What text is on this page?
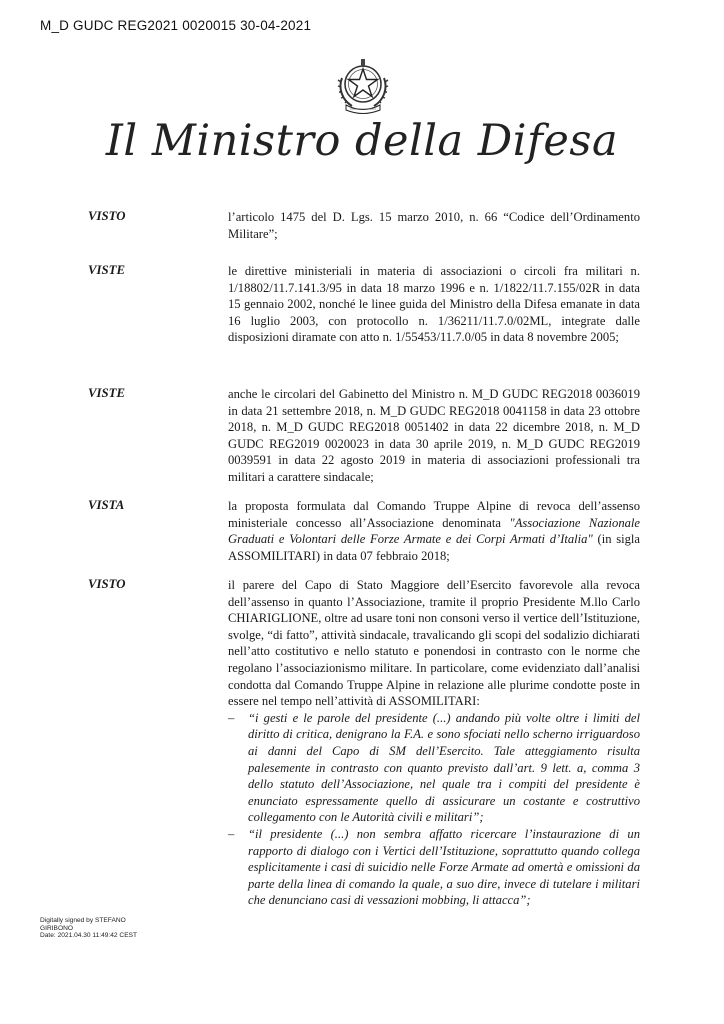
M_D GUDC REG2021 0020015 30-04-2021
Il Ministro della Difesa
VISTO	l’articolo 1475 del D. Lgs. 15 marzo 2010, n. 66 “Codice dell’Ordinamento Militare”;

VISTE	le direttive ministeriali in materia di associazioni o circoli fra militari n. 1/18802/11.7.141.3/95 in data 18 marzo 1996 e n. 1/1822/11.7.155/02R in data 15 gennaio 2002, nonché le linee guida del Ministro della Difesa emanate in data 16 luglio 2003, con protocollo n. 1/36211/11.7.0/02ML, integrate dalle disposizioni diramate con atto n. 1/55453/11.7.0/05 in data 8 novembre 2005;

VISTE	anche le circolari del Gabinetto del Ministro n. M_D GUDC REG2018 0036019 in data 21 settembre 2018, n. M_D GUDC REG2018 0041158 in data 23 ottobre 2018, n. M_D GUDC REG2018 0051402 in data 22 dicembre 2018, n. M_D GUDC REG2019 0020023 in data 30 aprile 2019, n. M_D GUDC REG2019 0039591 in data 22 agosto 2019 in materia di associazioni professionali tra militari a carattere sindacale;

VISTA	la proposta formulata dal Comando Truppe Alpine di revoca dell’assenso ministeriale concesso all’Associazione denominata "Associazione Nazionale Graduati e Volontari delle Forze Armate e dei Corpi Armati d’Italia" (in sigla ASSOMILITARI) in data 07 febbraio 2018;

VISTO	il parere del Capo di Stato Maggiore dell’Esercito favorevole alla revoca dell’assenso in quanto l’Associazione, tramite il proprio Presidente M.llo Carlo CHIARIGLIONE, oltre ad usare toni non consoni verso il vertice dell’Istituzione, svolge, “di fatto”, attività sindacale, travalicando gli scopi del sodalizio dichiarati nell’atto costitutivo e nello statuto e ponendosi in contrasto con le norme che regolano l’associazionismo militare. In particolare, come evidenziato dall’analisi condotta dal Comando Truppe Alpine in relazione alle plurime condotte poste in essere nel tempo nell’attività di ASSOMILITARI:

– “i gesti e le parole del presidente (...) andando più volte oltre i limiti del diritto di critica, denigrano la F.A. e sono sfociati nello scherno irriguardoso ai danni del Capo di SM dell’Esercito. Tale atteggiamento risulta palesemente in contrasto con quanto previsto dall’art. 9 lett. a, comma 3 dello statuto dell’Associazione, nel quale tra i compiti del presidente è enunciato espressamente quello di assicurare un costante e costruttivo collegamento con le Autorità civili e militari”;
– “il presidente (...) non sembra affatto ricercare l’instaurazione di un rapporto di dialogo con i Vertici dell’Istituzione, soprattutto quando collega esplicitamente i casi di suicidio nelle Forze Armate ad omertà e omissioni da parte della linea di comando la quale, a suo dire, invece di tutelare i militari che denunciano casi di vessazioni mobbing, li attacca”;
Digitally signed by STEFANO
GIRIBONO
Date: 2021.04.30 11:49:42 CEST
